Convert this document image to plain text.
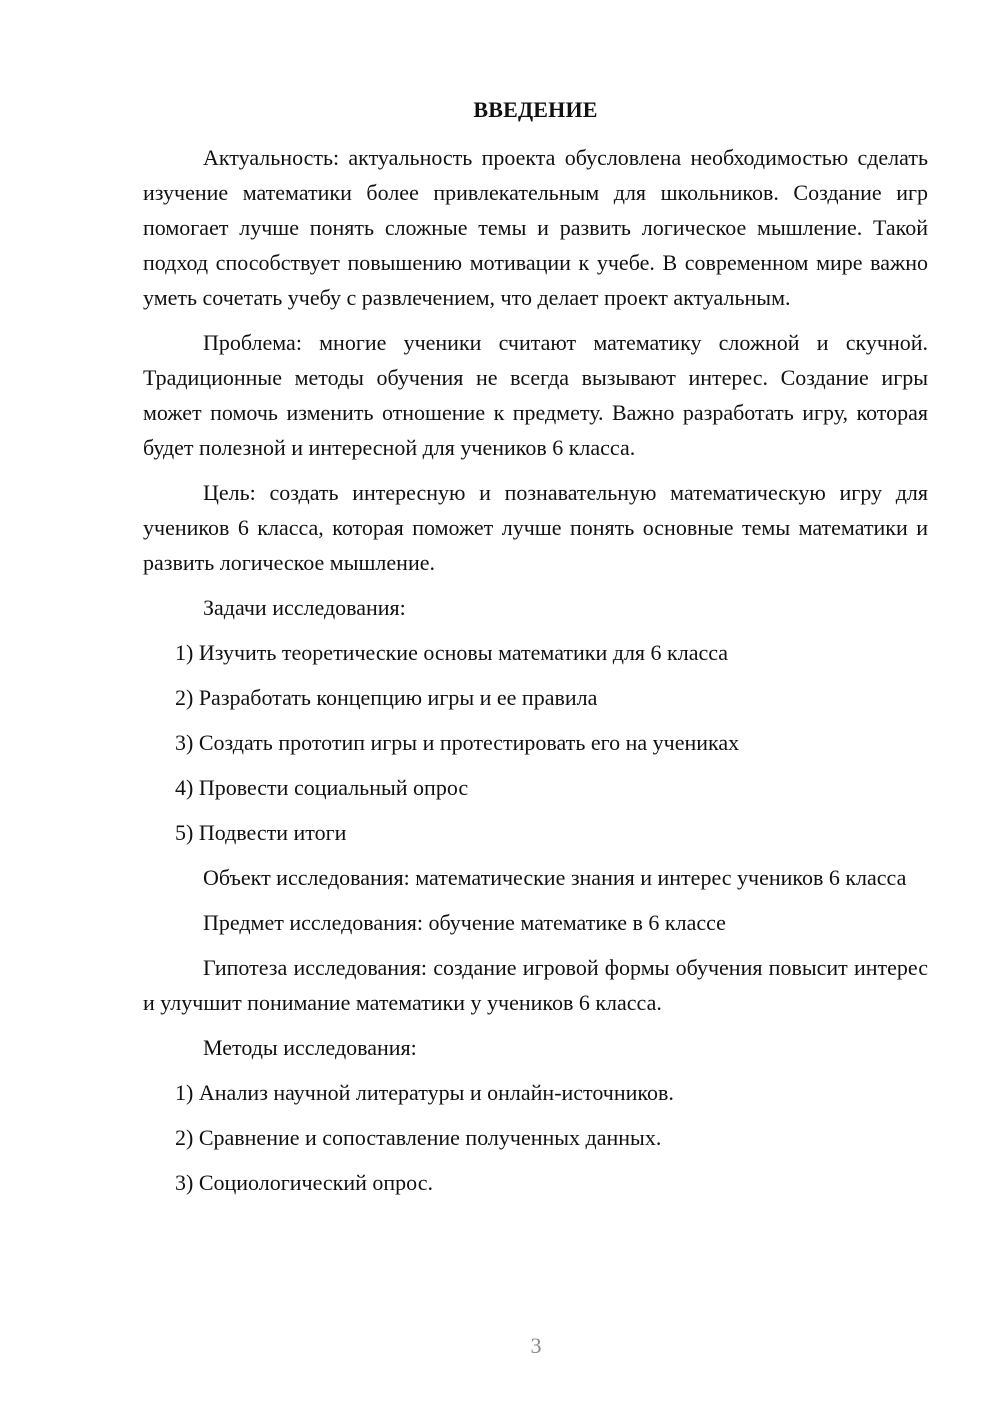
ВВЕДЕНИЕ

Актуальность: актуальность проекта обусловлена необходимостью сделать изучение математики более привлекательным для школьников. Создание игр помогает лучше понять сложные темы и развить логическое мышление. Такой подход способствует повышению мотивации к учебе. В современном мире важно уметь сочетать учебу с развлечением, что делает проект актуальным.

Проблема: многие ученики считают математику сложной и скучной. Традиционные методы обучения не всегда вызывают интерес. Создание игры может помочь изменить отношение к предмету. Важно разработать игру, которая будет полезной и интересной для учеников 6 класса.

Цель: создать интересную и познавательную математическую игру для учеников 6 класса, которая поможет лучше понять основные темы математики и развить логическое мышление.

Задачи исследования:

1) Изучить теоретические основы математики для 6 класса

2) Разработать концепцию игры и ее правила

3) Создать прототип игры и протестировать его на учениках

4) Провести социальный опрос

5) Подвести итоги

Объект исследования: математические знания и интерес учеников 6 класса

Предмет исследования: обучение математике в 6 классе

Гипотеза исследования: создание игровой формы обучения повысит интерес и улучшит понимание математики у учеников 6 класса.

Методы исследования:

1) Анализ научной литературы и онлайн-источников.

2) Сравнение и сопоставление полученных данных.

3) Социологический опрос.

3
